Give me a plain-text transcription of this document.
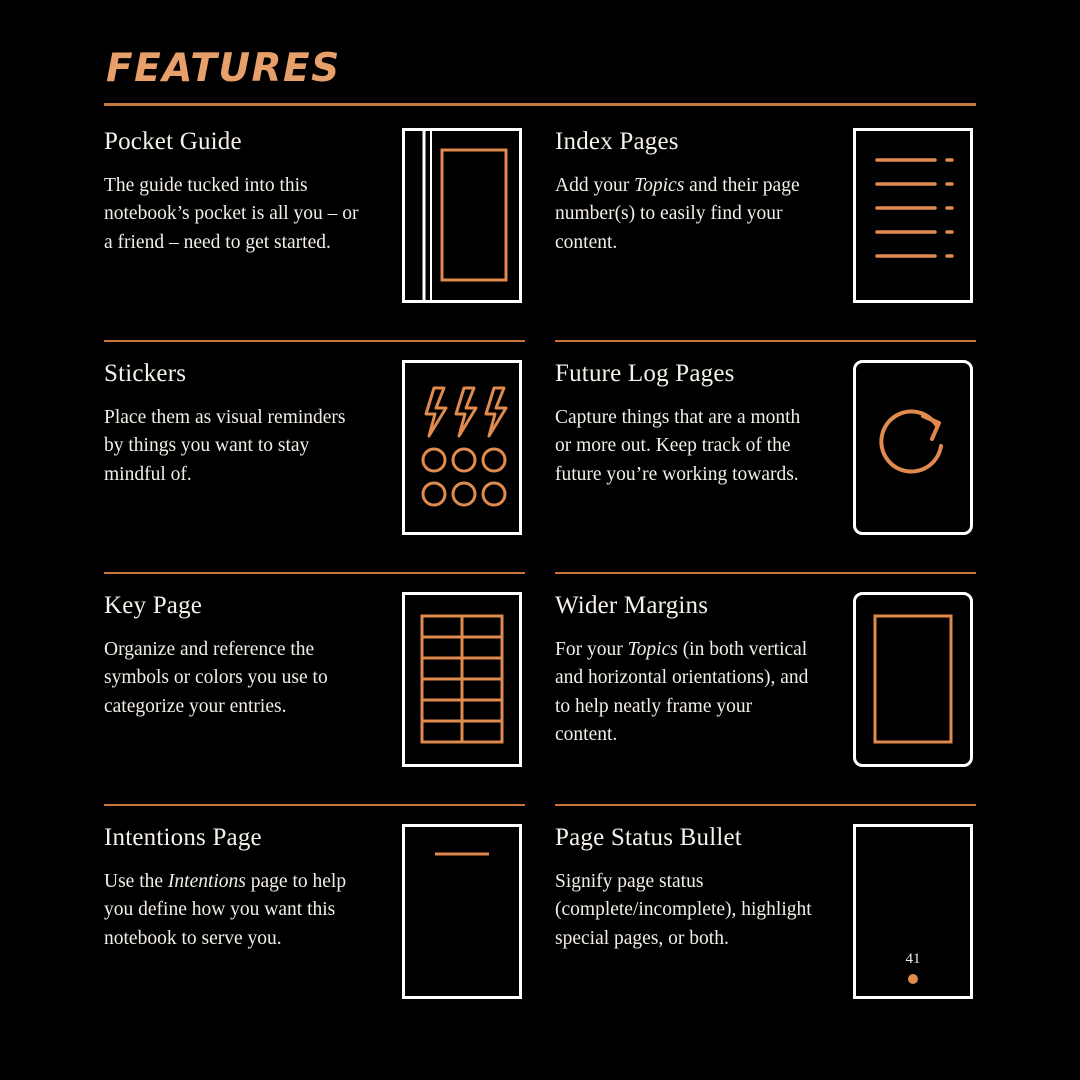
FEATURES
Pocket Guide

The guide tucked into this notebook’s pocket is all you – or a friend – need to get started.

Index Pages

Add your Topics and their page number(s) to easily find your content.

Stickers

Place them as visual reminders by things you want to stay mindful of.

Future Log Pages

Capture things that are a month or more out. Keep track of the future you’re working towards.

Key Page

Organize and reference the symbols or colors you use to categorize your entries.

Wider Margins

For your Topics (in both vertical and horizontal orientations), and to help neatly frame your content.

Intentions Page

Use the Intentions page to help you define how you want this notebook to serve you.

Page Status Bullet

Signify page status (complete/incomplete), highlight special pages, or both.

41
